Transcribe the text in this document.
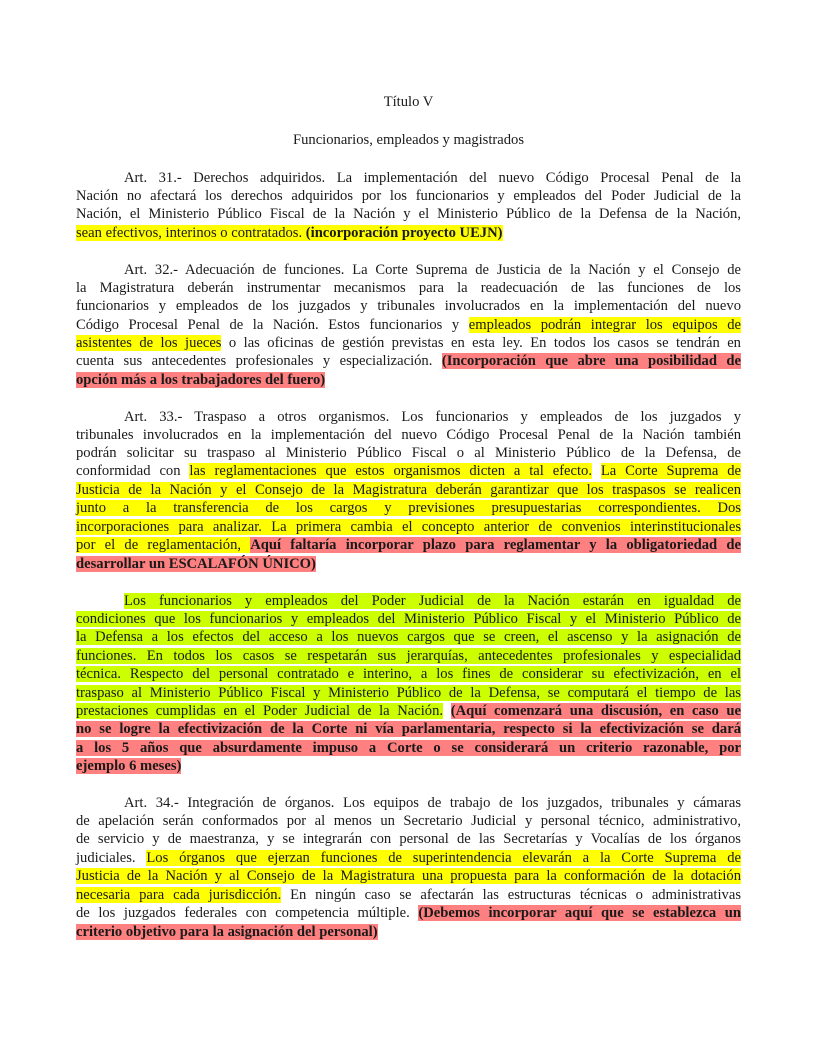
Título V
Funcionarios, empleados y magistrados
Art. 31.- Derechos adquiridos. La implementación del nuevo Código Procesal Penal de la
Nación no afectará los derechos adquiridos por los funcionarios y empleados del Poder Judicial de la
Nación, el Ministerio Público Fiscal de la Nación y el Ministerio Público de la Defensa de la Nación,
sean efectivos, interinos o contratados. (incorporación proyecto UEJN)
Art. 32.- Adecuación de funciones. La Corte Suprema de Justicia de la Nación y el Consejo de
la Magistratura deberán instrumentar mecanismos para la readecuación de las funciones de los
funcionarios y empleados de los juzgados y tribunales involucrados en la implementación del nuevo
Código Procesal Penal de la Nación. Estos funcionarios y empleados podrán integrar los equipos de
asistentes de los jueces o las oficinas de gestión previstas en esta ley. En todos los casos se tendrán en
cuenta sus antecedentes profesionales y especialización. (Incorporación que abre una posibilidad de
opción más a los trabajadores del fuero)
Art. 33.- Traspaso a otros organismos. Los funcionarios y empleados de los juzgados y
tribunales involucrados en la implementación del nuevo Código Procesal Penal de la Nación también
podrán solicitar su traspaso al Ministerio Público Fiscal o al Ministerio Público de la Defensa, de
conformidad con las reglamentaciones que estos organismos dicten a tal efecto. La Corte Suprema de
Justicia de la Nación y el Consejo de la Magistratura deberán garantizar que los traspasos se realicen
junto a la transferencia de los cargos y previsiones presupuestarias correspondientes. Dos
incorporaciones para analizar. La primera cambia el concepto anterior de convenios interinstitucionales
por el de reglamentación, Aquí faltaría incorporar plazo para reglamentar y la obligatoriedad de
desarrollar un ESCALAFÓN ÚNICO)
Los funcionarios y empleados del Poder Judicial de la Nación estarán en igualdad de
condiciones que los funcionarios y empleados del Ministerio Público Fiscal y el Ministerio Público de
la Defensa a los efectos del acceso a los nuevos cargos que se creen, el ascenso y la asignación de
funciones. En todos los casos se respetarán sus jerarquías, antecedentes profesionales y especialidad
técnica. Respecto del personal contratado e interino, a los fines de considerar su efectivización, en el
traspaso al Ministerio Público Fiscal y Ministerio Público de la Defensa, se computará el tiempo de las
prestaciones cumplidas en el Poder Judicial de la Nación. (Aquí comenzará una discusión, en caso ue
no se logre la efectivización de la Corte ni vía parlamentaria, respecto si la efectivización se dará
a los 5 años que absurdamente impuso a Corte o se considerará un criterio razonable, por
ejemplo 6 meses)
Art. 34.- Integración de órganos. Los equipos de trabajo de los juzgados, tribunales y cámaras
de apelación serán conformados por al menos un Secretario Judicial y personal técnico, administrativo,
de servicio y de maestranza, y se integrarán con personal de las Secretarías y Vocalías de los órganos
judiciales. Los órganos que ejerzan funciones de superintendencia elevarán a la Corte Suprema de
Justicia de la Nación y al Consejo de la Magistratura una propuesta para la conformación de la dotación
necesaria para cada jurisdicción. En ningún caso se afectarán las estructuras técnicas o administrativas
de los juzgados federales con competencia múltiple. (Debemos incorporar aquí que se establezca un
criterio objetivo para la asignación del personal)
